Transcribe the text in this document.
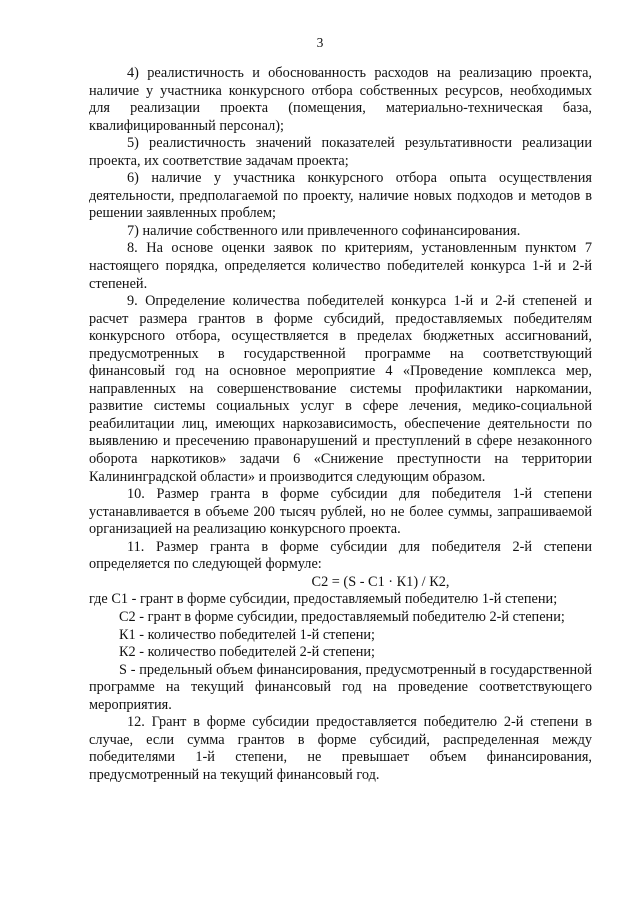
3

4) реалистичность и обоснованность расходов на реализацию проекта, наличие у участника конкурсного отбора собственных ресурсов, необходимых для реализации проекта (помещения, материально-техническая база, квалифицированный персонал);

5) реалистичность значений показателей результативности реализации проекта, их соответствие задачам проекта;

6) наличие у участника конкурсного отбора опыта осуществления деятельности, предполагаемой по проекту, наличие новых подходов и методов в решении заявленных проблем;

7) наличие собственного или привлеченного софинансирования.

8. На основе оценки заявок по критериям, установленным пунктом 7 настоящего порядка, определяется количество победителей конкурса 1-й и 2-й степеней.

9. Определение количества победителей конкурса 1-й и 2-й степеней и расчет размера грантов в форме субсидий, предоставляемых победителям конкурсного отбора, осуществляется в пределах бюджетных ассигнований, предусмотренных в государственной программе на соответствующий финансовый год на основное мероприятие 4 «Проведение комплекса мер, направленных на совершенствование системы профилактики наркомании, развитие системы социальных услуг в сфере лечения, медико-социальной реабилитации лиц, имеющих наркозависимость, обеспечение деятельности по выявлению и пресечению правонарушений и преступлений в сфере незаконного оборота наркотиков» задачи 6 «Снижение преступности на территории Калининградской области» и производится следующим образом.

10. Размер гранта в форме субсидии для победителя 1-й степени устанавливается в объеме 200 тысяч рублей, но не более суммы, запрашиваемой организацией на реализацию конкурсного проекта.

11. Размер гранта в форме субсидии для победителя 2-й степени определяется по следующей формуле:

С2 = (S - С1 · К1) / К2,

где С1 - грант в форме субсидии, предоставляемый победителю 1-й степени;

С2 - грант в форме субсидии, предоставляемый победителю 2-й степени;

К1 - количество победителей 1-й степени;

К2 - количество победителей 2-й степени;

S - предельный объем финансирования, предусмотренный в государственной программе на текущий финансовый год на проведение соответствующего мероприятия.

12. Грант в форме субсидии предоставляется победителю 2-й степени в случае, если сумма грантов в форме субсидий, распределенная между победителями 1-й степени, не превышает объем финансирования, предусмотренный на текущий финансовый год.
